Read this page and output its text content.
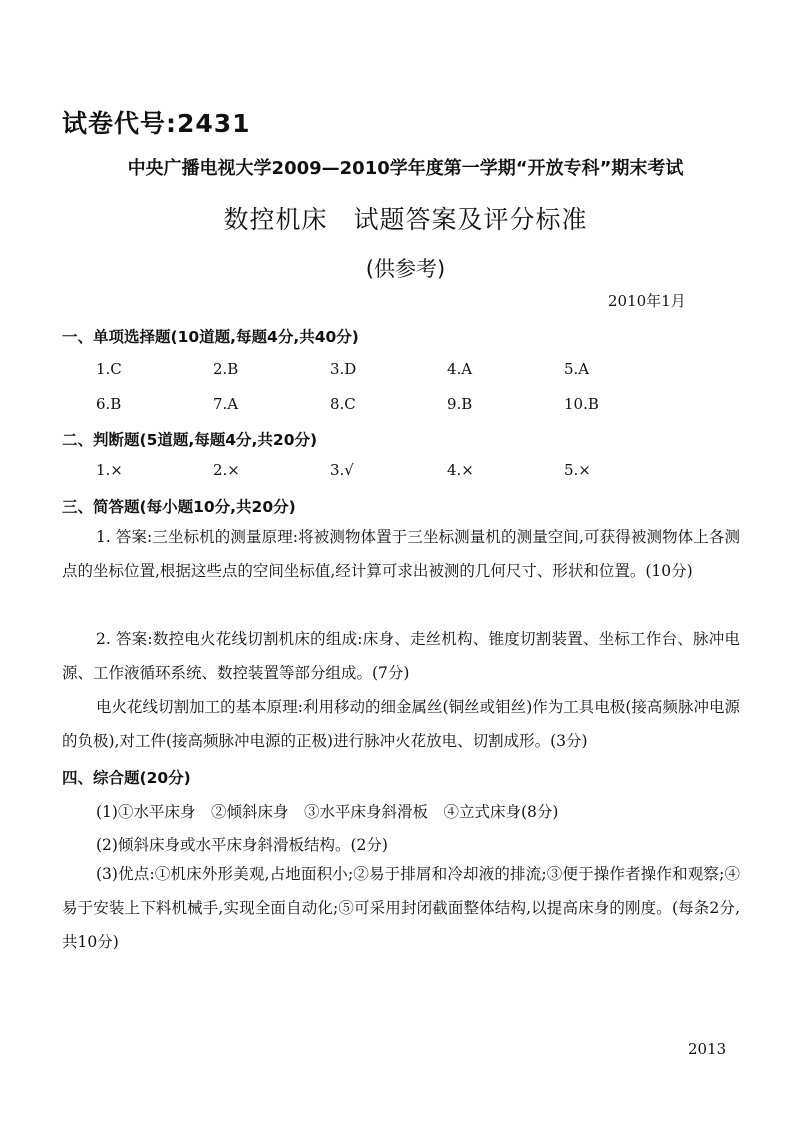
试卷代号:2431
中央广播电视大学2009—2010学年度第一学期“开放专科”期末考试
数控机床　试题答案及评分标准
(供参考)
2010年1月
一、单项选择题(10道题,每题4分,共40分)
1.C	2.B	3.D	4.A	5.A
6.B	7.A	8.C	9.B	10.B
二、判断题(5道题,每题4分,共20分)
1.×	2.×	3.√	4.×	5.×
三、简答题(每小题10分,共20分)
1. 答案:三坐标机的测量原理:将被测物体置于三坐标测量机的测量空间,可获得被测物体上各测点的坐标位置,根据这些点的空间坐标值,经计算可求出被测的几何尺寸、形状和位置。(10分)
2. 答案:数控电火花线切割机床的组成:床身、走丝机构、锥度切割装置、坐标工作台、脉冲电源、工作液循环系统、数控装置等部分组成。(7分)
电火花线切割加工的基本原理:利用移动的细金属丝(铜丝或钼丝)作为工具电极(接高频脉冲电源的负极),对工件(接高频脉冲电源的正极)进行脉冲火花放电、切割成形。(3分)
四、综合题(20分)
(1)①水平床身　②倾斜床身　③水平床身斜滑板　④立式床身(8分)
(2)倾斜床身或水平床身斜滑板结构。(2分)
(3)优点:①机床外形美观,占地面积小;②易于排屑和冷却液的排流;③便于操作者操作和观察;④易于安装上下料机械手,实现全面自动化;⑤可采用封闭截面整体结构,以提高床身的刚度。(每条2分,共10分)
2013
